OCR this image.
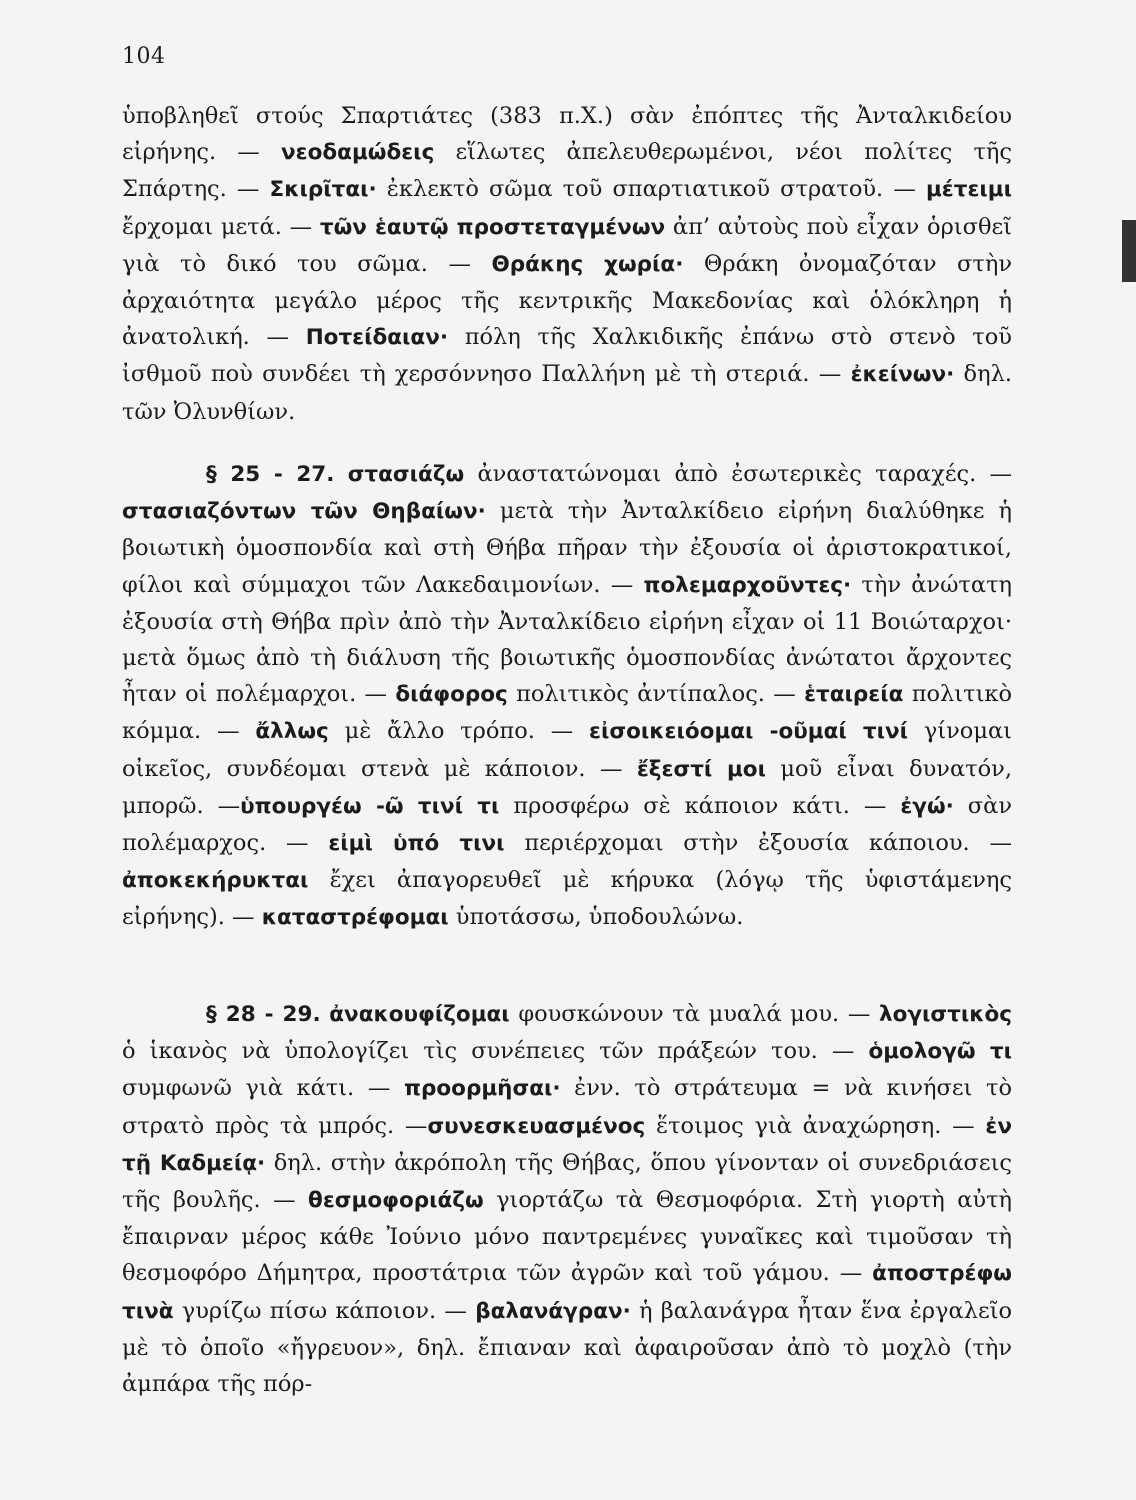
104

ὑποβληθεῖ στούς Σπαρτιάτες (383 π.Χ.) σὰν ἐπόπτες τῆς Ἀνταλκιδείου εἰρήνης. — νεοδαμώδεις εἵλωτες ἀπελευθερωμένοι, νέοι πολίτες τῆς Σπάρτης. — Σκιρῖται· ἐκλεκτὸ σῶμα τοῦ σπαρτιατικοῦ στρατοῦ. — μέτειμι ἔρχομαι μετά. — τῶν ἑαυτῷ προστεταγμένων ἀπ’ αὐτοὺς ποὺ εἶχαν ὁρισθεῖ γιὰ τὸ δικό του σῶμα. — Θράκης χωρία· Θράκη ὀνομαζόταν στὴν ἀρχαιότητα μεγάλο μέρος τῆς κεντρικῆς Μακεδονίας καὶ ὁλόκληρη ἡ ἀνατολική. — Ποτείδαιαν· πόλη τῆς Χαλκιδικῆς ἐπάνω στὸ στενὸ τοῦ ἰσθμοῦ ποὺ συνδέει τὴ χερσόννησο Παλλήνη μὲ τὴ στεριά. — ἐκείνων· δηλ. τῶν Ὀλυνθίων.

§ 25 - 27. στασιάζω ἀναστατώνομαι ἀπὸ ἐσωτερικὲς ταραχές. —στασιαζόντων τῶν Θηβαίων· μετὰ τὴν Ἀνταλκίδειο εἰρήνη διαλύθηκε ἡ βοιωτικὴ ὁμοσπονδία καὶ στὴ Θήβα πῆραν τὴν ἐξουσία οἱ ἀριστοκρατικοί, φίλοι καὶ σύμμαχοι τῶν Λακεδαιμονίων. — πολεμαρχοῦντες· τὴν ἀνώτατη ἐξουσία στὴ Θήβα πρὶν ἀπὸ τὴν Ἀνταλκίδειο εἰρήνη εἶχαν οἱ 11 Βοιώταρχοι· μετὰ ὅμως ἀπὸ τὴ διάλυση τῆς βοιωτικῆς ὁμοσπονδίας ἀνώτατοι ἄρχοντες ἦταν οἱ πολέμαρχοι. — διάφορος πολιτικὸς ἀντίπαλος. — ἑταιρεία πολιτικὸ κόμμα. — ἄλλως μὲ ἄλλο τρόπο. — εἰσοικειόομαι -οῦμαί τινί γίνομαι οἰκεῖος, συνδέομαι στενὰ μὲ κάποιον. — ἔξεστί μοι μοῦ εἶναι δυνατόν, μπορῶ. —ὑπουργέω -ῶ τινί τι προσφέρω σὲ κάποιον κάτι. — ἐγώ· σὰν πολέμαρχος. — εἰμὶ ὑπό τινι περιέρχομαι στὴν ἐξουσία κάποιου. — ἀποκεκήρυκται ἔχει ἀπαγορευθεῖ μὲ κήρυκα (λόγῳ τῆς ὑφιστάμενης εἰρήνης). — καταστρέφομαι ὑποτάσσω, ὑποδουλώνω.

§ 28 - 29. ἀνακουφίζομαι φουσκώνουν τὰ μυαλά μου. — λογιστικὸς ὁ ἱκανὸς νὰ ὑπολογίζει τὶς συνέπειες τῶν πράξεών του. — ὁμολογῶ τι συμφωνῶ γιὰ κάτι. — προορμῆσαι· ἐνν. τὸ στράτευμα = νὰ κινήσει τὸ στρατὸ πρὸς τὰ μπρός. —συνεσκευασμένος ἕτοιμος γιὰ ἀναχώρηση. — ἐν τῇ Καδμείᾳ· δηλ. στὴν ἀκρόπολη τῆς Θήβας, ὅπου γίνονταν οἱ συνεδριάσεις τῆς βουλῆς. — θεσμοφοριάζω γιορτάζω τὰ Θεσμοφόρια. Στὴ γιορτὴ αὐτὴ ἔπαιρναν μέρος κάθε Ἰούνιο μόνο παντρεμένες γυναῖκες καὶ τιμοῦσαν τὴ θεσμοφόρο Δήμητρα, προστάτρια τῶν ἀγρῶν καὶ τοῦ γάμου. — ἀποστρέφω τινὰ γυρίζω πίσω κάποιον. — βαλανάγραν· ἡ βαλανάγρα ἦταν ἕνα ἐργαλεῖο μὲ τὸ ὁποῖο «ἤγρευον», δηλ. ἔπιαναν καὶ ἀφαιροῦσαν ἀπὸ τὸ μοχλὸ (τὴν ἀμπάρα τῆς πόρ-
